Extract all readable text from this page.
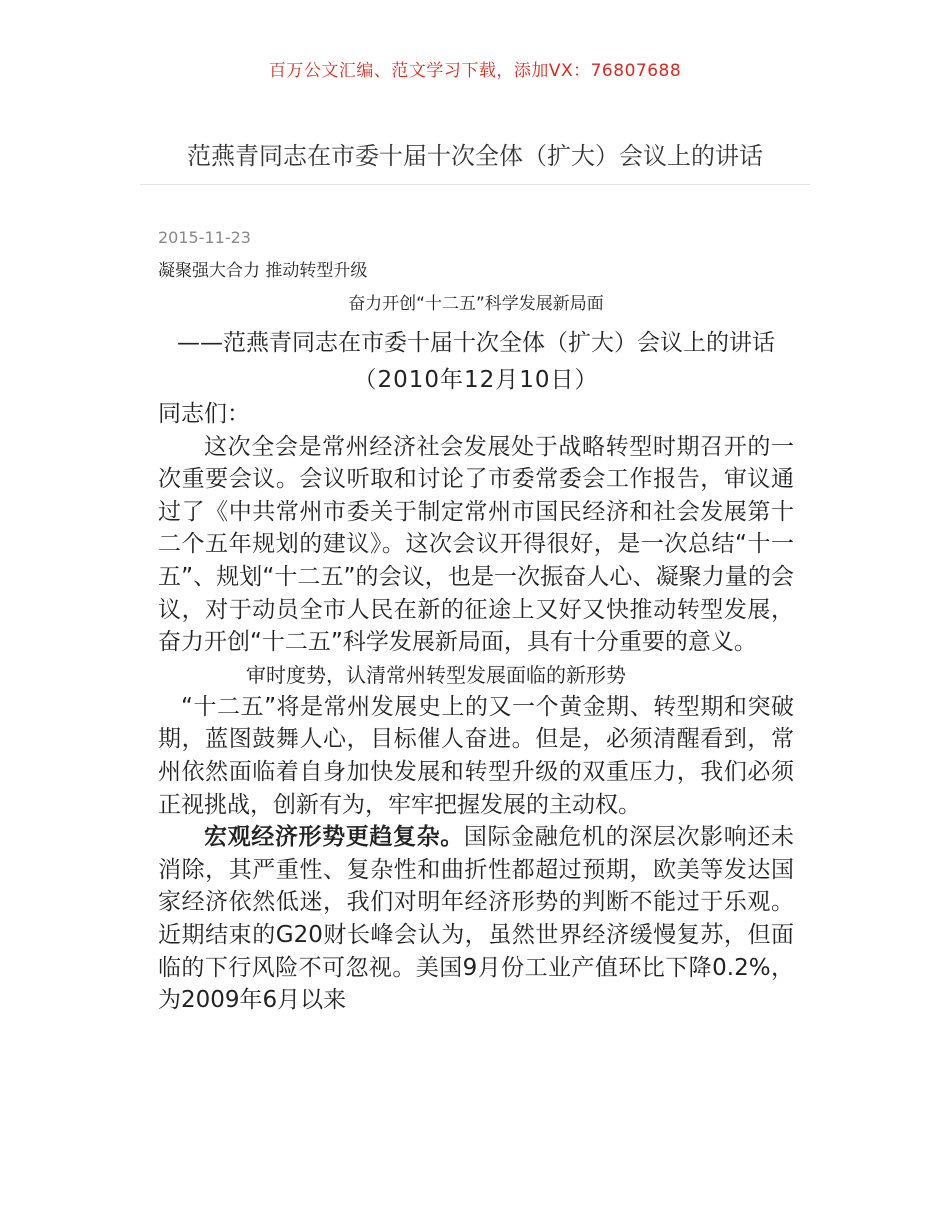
百万公文汇编、范文学习下载，添加VX：76807688
范燕青同志在市委十届十次全体（扩大）会议上的讲话
2015-11-23
凝聚强大合力 推动转型升级
奋力开创“十二五”科学发展新局面
——范燕青同志在市委十届十次全体（扩大）会议上的讲话
（2010年12月10日）

同志们：

这次全会是常州经济社会发展处于战略转型时期召开的一次重要会议。会议听取和讨论了市委常委会工作报告，审议通过了《中共常州市委关于制定常州市国民经济和社会发展第十二个五年规划的建议》。这次会议开得很好，是一次总结“十一五”、规划“十二五”的会议，也是一次振奋人心、凝聚力量的会议，对于动员全市人民在新的征途上又好又快推动转型发展，奋力开创“十二五”科学发展新局面，具有十分重要的意义。

审时度势，认清常州转型发展面临的新形势

“十二五”将是常州发展史上的又一个黄金期、转型期和突破期，蓝图鼓舞人心，目标催人奋进。但是，必须清醒看到，常州依然面临着自身加快发展和转型升级的双重压力，我们必须正视挑战，创新有为，牢牢把握发展的主动权。

宏观经济形势更趋复杂。国际金融危机的深层次影响还未消除，其严重性、复杂性和曲折性都超过预期，欧美等发达国家经济依然低迷，我们对明年经济形势的判断不能过于乐观。近期结束的G20财长峰会认为，虽然世界经济缓慢复苏，但面临的下行风险不可忽视。美国9月份工业产值环比下降0.2%，为2009年6月以来
